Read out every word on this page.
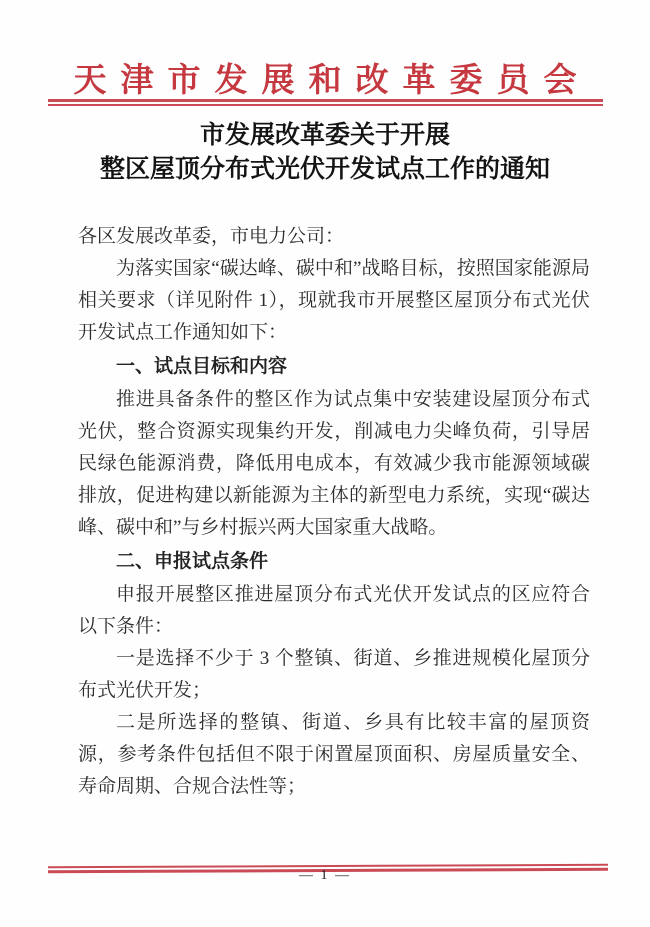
天津市发展和改革委员会
市发展改革委关于开展
整区屋顶分布式光伏开发试点工作的通知

各区发展改革委，市电力公司：

为落实国家“碳达峰、碳中和”战略目标，按照国家能源局相关要求（详见附件 1），现就我市开展整区屋顶分布式光伏开发试点工作通知如下：

一、试点目标和内容

推进具备条件的整区作为试点集中安装建设屋顶分布式光伏，整合资源实现集约开发，削减电力尖峰负荷，引导居民绿色能源消费，降低用电成本，有效减少我市能源领域碳排放，促进构建以新能源为主体的新型电力系统，实现“碳达峰、碳中和”与乡村振兴两大国家重大战略。

二、申报试点条件

申报开展整区推进屋顶分布式光伏开发试点的区应符合以下条件：

一是选择不少于 3 个整镇、街道、乡推进规模化屋顶分布式光伏开发；

二是所选择的整镇、街道、乡具有比较丰富的屋顶资源，参考条件包括但不限于闲置屋顶面积、房屋质量安全、寿命周期、合规合法性等；

— 1 —
